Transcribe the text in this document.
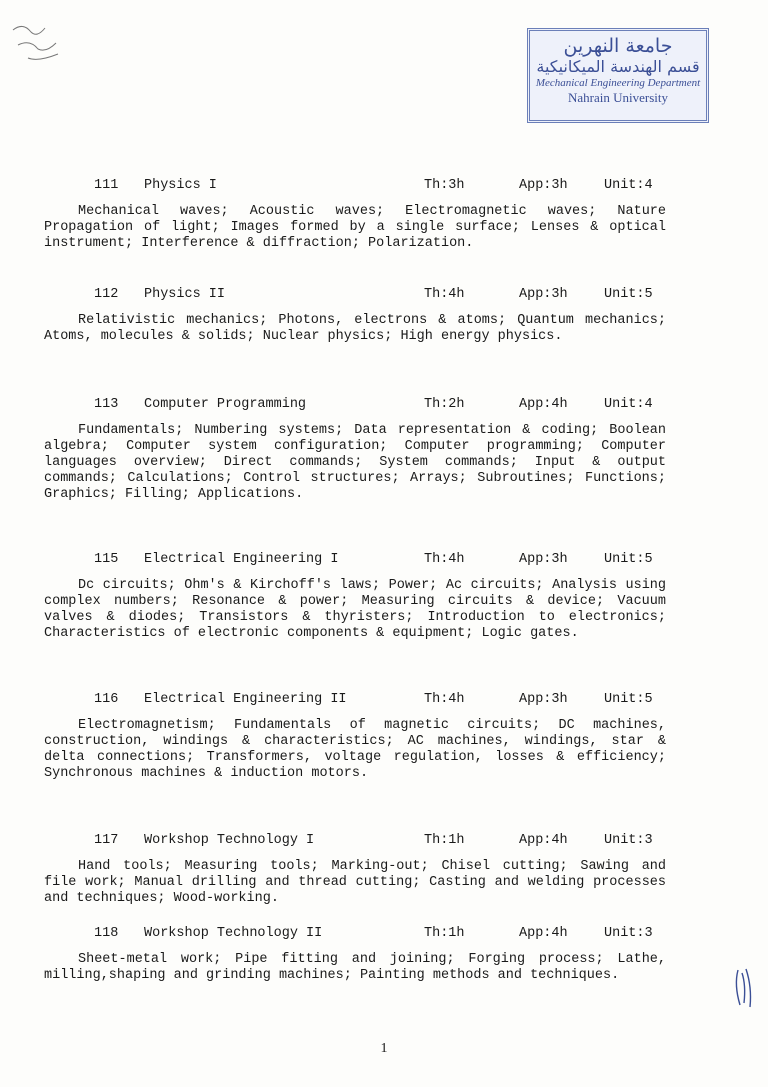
جامعة النهرين
قسم الهندسة الميكانيكية
Mechanical Engineering Department
Nahrain University
111 Physics I	Th:3h	App:3h	Unit:4
Mechanical waves; Acoustic waves; Electromagnetic waves; Nature Propagation of light; Images formed by a single surface; Lenses & optical instrument; Interference & diffraction; Polarization.
112 Physics II	Th:4h	App:3h	Unit:5
Relativistic mechanics; Photons, electrons & atoms; Quantum mechanics; Atoms, molecules & solids; Nuclear physics; High energy physics.
113 Computer Programming	Th:2h	App:4h	Unit:4
Fundamentals; Numbering systems; Data representation & coding; Boolean algebra; Computer system configuration; Computer programming; Computer languages overview; Direct commands; System commands; Input & output commands; Calculations; Control structures; Arrays; Subroutines; Functions; Graphics; Filling; Applications.
115 Electrical Engineering I	Th:4h	App:3h	Unit:5
Dc circuits; Ohm's & Kirchoff's laws; Power; Ac circuits; Analysis using complex numbers; Resonance & power; Measuring circuits & device; Vacuum valves & diodes; Transistors & thyristers; Introduction to electronics; Characteristics of electronic components & equipment; Logic gates.
116 Electrical Engineering II	Th:4h	App:3h	Unit:5
Electromagnetism; Fundamentals of magnetic circuits; DC machines, construction, windings & characteristics; AC machines, windings, star & delta connections; Transformers, voltage regulation, losses & efficiency; Synchronous machines & induction motors.
117 Workshop Technology I	Th:1h	App:4h	Unit:3
Hand tools; Measuring tools; Marking-out; Chisel cutting; Sawing and file work; Manual drilling and thread cutting; Casting and welding processes and techniques; Wood-working.
118 Workshop Technology II	Th:1h	App:4h	Unit:3
Sheet-metal work; Pipe fitting and joining; Forging process; Lathe, milling,shaping and grinding machines; Painting methods and techniques.
1
